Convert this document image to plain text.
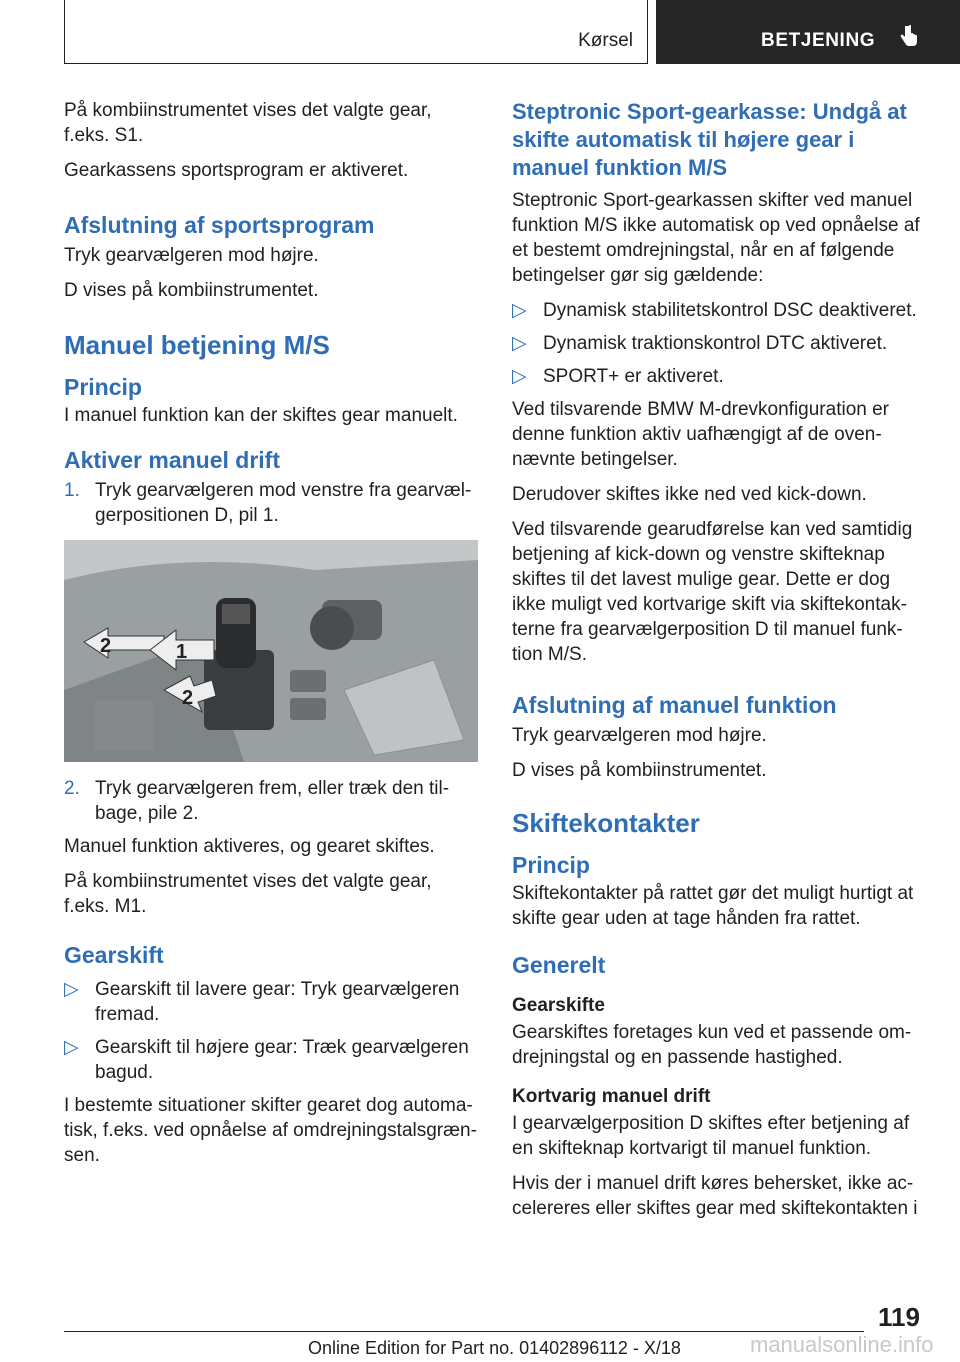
Kørsel	BETJENING

På kombiinstrumentet vises det valgte gear, f.eks. S1.

Gearkassens sportsprogram er aktiveret.

Afslutning af sportsprogram

Tryk gearvælgeren mod højre.

D vises på kombiinstrumentet.

Manuel betjening M/S
Princip

I manuel funktion kan der skiftes gear manuelt.

Aktiver manuel drift
1. Tryk gearvælgeren mod venstre fra gearvæl‐gerpositionen D, pil 1.
2	1
2
2. Tryk gearvælgeren frem, eller træk den til‐bage, pile 2.

Manuel funktion aktiveres, og gearet skiftes.

På kombiinstrumentet vises det valgte gear, f.eks. M1.

Gearskift
▷ Gearskift til lavere gear: Tryk gearvælgeren fremad.
▷ Gearskift til højere gear: Træk gearvælgeren bagud.

I bestemte situationer skifter gearet dog automa‐tisk, f.eks. ved opnåelse af omdrejningstalsgræn‐sen.

Steptronic Sport-gearkasse: Undgå at skifte automatisk til højere gear i manuel funktion M/S

Steptronic Sport-gearkassen skifter ved manuel funktion M/S ikke automatisk op ved opnåelse af et bestemt omdrejningstal, når en af følgende betingelser gør sig gældende:

▷ Dynamisk stabilitetskontrol DSC deaktiveret.
▷ Dynamisk traktionskontrol DTC aktiveret.
▷ SPORT+ er aktiveret.

Ved tilsvarende BMW M-drevkonfiguration er denne funktion aktiv uafhængigt af de oven‐nævnte betingelser.

Derudover skiftes ikke ned ved kick-down.

Ved tilsvarende gearudførelse kan ved samtidig betjening af kick-down og venstre skifteknap skiftes til det lavest mulige gear. Dette er dog ikke muligt ved kortvarige skift via skiftekontak‐terne fra gearvælgerposition D til manuel funk‐tion M/S.

Afslutning af manuel funktion

Tryk gearvælgeren mod højre.

D vises på kombiinstrumentet.

Skiftekontakter
Princip

Skiftekontakter på rattet gør det muligt hurtigt at skifte gear uden at tage hånden fra rattet.

Generelt
Gearskifte

Gearskiftes foretages kun ved et passende om‐drejningstal og en passende hastighed.

Kortvarig manuel drift

I gearvælgerposition D skiftes efter betjening af en skifteknap kortvarigt til manuel funktion.

Hvis der i manuel drift køres behersket, ikke ac‐celereres eller skiftes gear med skiftekontakten i

119
Online Edition for Part no. 01402896112 - X/18	manualsonline.info
